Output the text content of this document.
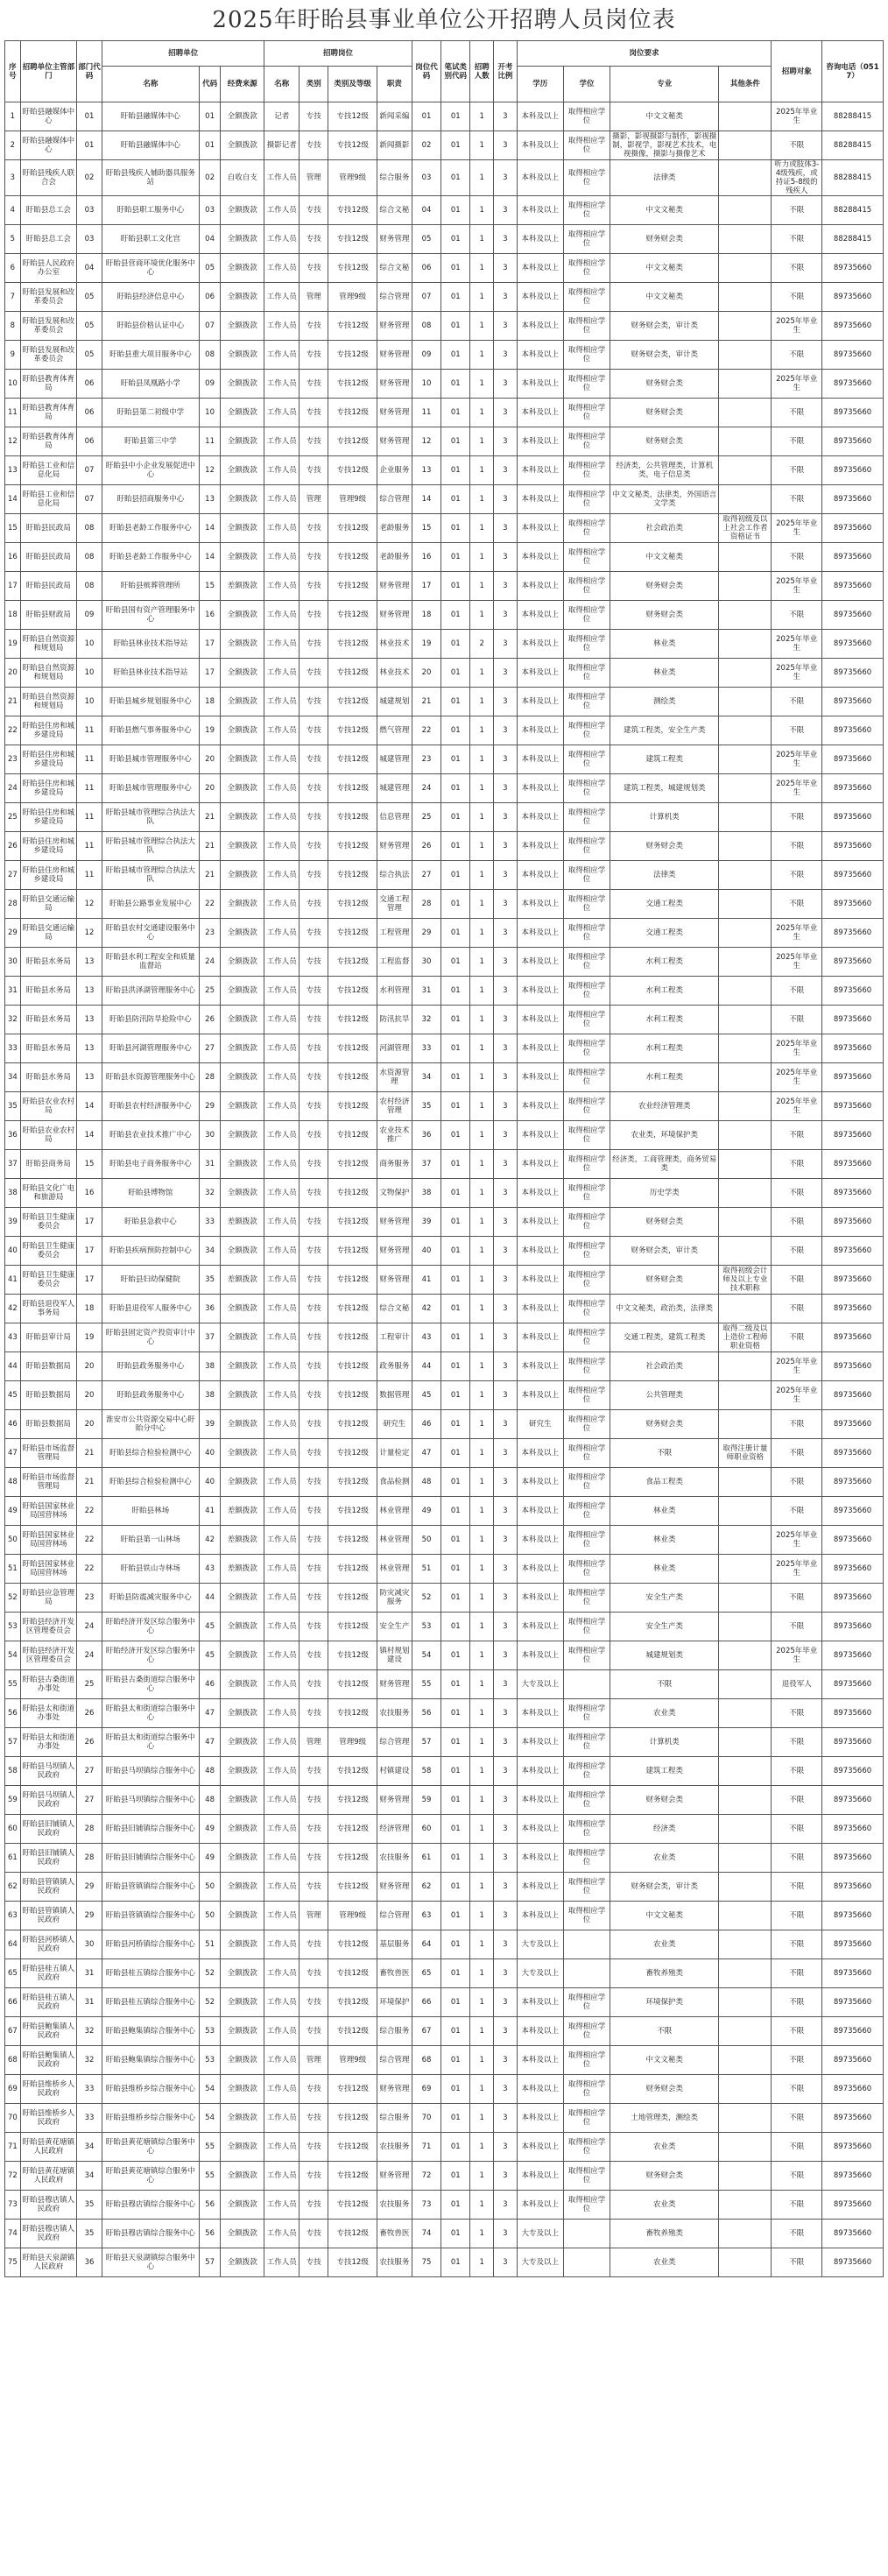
2025年盱眙县事业单位公开招聘人员岗位表
序号	招聘单位主管部门	部门代码	招聘单位			招聘岗位				岗位代码	笔试类别代码	招聘人数	开考比例	岗位要求				招聘对象	咨询电话（0517）
			名称	代码	经费来源	名称	类别	类别及等级	职责					学历	学位	专业	其他条件		
1	盱眙县融媒体中心	01	盱眙县融媒体中心	01	全额拨款	记者	专技	专技12级	新闻采编	01	01	1	3	本科及以上	取得相应学位	中文文秘类		2025年毕业生	88288415
2	盱眙县融媒体中心	01	盱眙县融媒体中心	01	全额拨款	摄影记者	专技	专技12级	新闻摄影	02	01	1	3	本科及以上	取得相应学位	摄影，影视摄影与制作，影视摄制，影视学，影视艺术技术，电视摄像，摄影与摄像艺术		不限	88288415
3	盱眙县残疾人联合会	02	盱眙县残疾人辅助器具服务站	02	自收自支	工作人员	管理	管理9级	综合服务	03	01	1	3	本科及以上	取得相应学位	法律类		听力或肢体3-4级残疾，或持证5-8级的残疾人	88288415
4	盱眙县总工会	03	盱眙县职工服务中心	03	全额拨款	工作人员	专技	专技12级	综合文秘	04	01	1	3	本科及以上	取得相应学位	中文文秘类		不限	88288415
5	盱眙县总工会	03	盱眙县职工文化宫	04	全额拨款	工作人员	专技	专技12级	财务管理	05	01	1	3	本科及以上	取得相应学位	财务财会类		不限	88288415
6	盱眙县人民政府办公室	04	盱眙县营商环境优化服务中心	05	全额拨款	工作人员	专技	专技12级	综合文秘	06	01	1	3	本科及以上	取得相应学位	中文文秘类		不限	89735660
7	盱眙县发展和改革委员会	05	盱眙县经济信息中心	06	全额拨款	工作人员	管理	管理9级	综合管理	07	01	1	3	本科及以上	取得相应学位	中文文秘类		不限	89735660
8	盱眙县发展和改革委员会	05	盱眙县价格认证中心	07	全额拨款	工作人员	专技	专技12级	财务管理	08	01	1	3	本科及以上	取得相应学位	财务财会类，审计类		2025年毕业生	89735660
9	盱眙县发展和改革委员会	05	盱眙县重大项目服务中心	08	全额拨款	工作人员	专技	专技12级	财务管理	09	01	1	3	本科及以上	取得相应学位	财务财会类，审计类		不限	89735660
10	盱眙县教育体育局	06	盱眙县凤凰路小学	09	全额拨款	工作人员	专技	专技12级	财务管理	10	01	1	3	本科及以上	取得相应学位	财务财会类		2025年毕业生	89735660
11	盱眙县教育体育局	06	盱眙县第二初级中学	10	全额拨款	工作人员	专技	专技12级	财务管理	11	01	1	3	本科及以上	取得相应学位	财务财会类		不限	89735660
12	盱眙县教育体育局	06	盱眙县第三中学	11	全额拨款	工作人员	专技	专技12级	财务管理	12	01	1	3	本科及以上	取得相应学位	财务财会类		不限	89735660
13	盱眙县工业和信息化局	07	盱眙县中小企业发展促进中心	12	全额拨款	工作人员	专技	专技12级	企业服务	13	01	1	3	本科及以上	取得相应学位	经济类，公共管理类，计算机类，电子信息类		不限	89735660
14	盱眙县工业和信息化局	07	盱眙县招商服务中心	13	全额拨款	工作人员	管理	管理9级	综合管理	14	01	1	3	本科及以上	取得相应学位	中文文秘类，法律类，外国语言文学类		不限	89735660
15	盱眙县民政局	08	盱眙县老龄工作服务中心	14	全额拨款	工作人员	专技	专技12级	老龄服务	15	01	1	3	本科及以上	取得相应学位	社会政治类	取得初级及以上社会工作者资格证书	2025年毕业生	89735660
16	盱眙县民政局	08	盱眙县老龄工作服务中心	14	全额拨款	工作人员	专技	专技12级	老龄服务	16	01	1	3	本科及以上	取得相应学位	中文文秘类		不限	89735660
17	盱眙县民政局	08	盱眙县殡葬管理所	15	差额拨款	工作人员	专技	专技12级	财务管理	17	01	1	3	本科及以上	取得相应学位	财务财会类		2025年毕业生	89735660
18	盱眙县财政局	09	盱眙县国有资产管理服务中心	16	全额拨款	工作人员	专技	专技12级	财务管理	18	01	1	3	本科及以上	取得相应学位	财务财会类		不限	89735660
19	盱眙县自然资源和规划局	10	盱眙县林业技术指导站	17	全额拨款	工作人员	专技	专技12级	林业技术	19	01	2	3	本科及以上	取得相应学位	林业类		2025年毕业生	89735660
20	盱眙县自然资源和规划局	10	盱眙县林业技术指导站	17	全额拨款	工作人员	专技	专技12级	林业技术	20	01	1	3	本科及以上	取得相应学位	林业类		2025年毕业生	89735660
21	盱眙县自然资源和规划局	10	盱眙县城乡规划服务中心	18	全额拨款	工作人员	专技	专技12级	城建规划	21	01	1	3	本科及以上	取得相应学位	测绘类		不限	89735660
22	盱眙县住房和城乡建设局	11	盱眙县燃气事务服务中心	19	全额拨款	工作人员	专技	专技12级	燃气管理	22	01	1	3	本科及以上	取得相应学位	建筑工程类，安全生产类		不限	89735660
23	盱眙县住房和城乡建设局	11	盱眙县城市管理服务中心	20	全额拨款	工作人员	专技	专技12级	城建管理	23	01	1	3	本科及以上	取得相应学位	建筑工程类		2025年毕业生	89735660
24	盱眙县住房和城乡建设局	11	盱眙县城市管理服务中心	20	全额拨款	工作人员	专技	专技12级	城建管理	24	01	1	3	本科及以上	取得相应学位	建筑工程类，城建规划类		2025年毕业生	89735660
25	盱眙县住房和城乡建设局	11	盱眙县城市管理综合执法大队	21	全额拨款	工作人员	专技	专技12级	信息管理	25	01	1	3	本科及以上	取得相应学位	计算机类		不限	89735660
26	盱眙县住房和城乡建设局	11	盱眙县城市管理综合执法大队	21	全额拨款	工作人员	专技	专技12级	财务管理	26	01	1	3	本科及以上	取得相应学位	财务财会类		不限	89735660
27	盱眙县住房和城乡建设局	11	盱眙县城市管理综合执法大队	21	全额拨款	工作人员	专技	专技12级	综合执法	27	01	1	3	本科及以上	取得相应学位	法律类		不限	89735660
28	盱眙县交通运输局	12	盱眙县公路事业发展中心	22	全额拨款	工作人员	专技	专技12级	交通工程管理	28	01	1	3	本科及以上	取得相应学位	交通工程类		不限	89735660
29	盱眙县交通运输局	12	盱眙县农村交通建设服务中心	23	全额拨款	工作人员	专技	专技12级	工程管理	29	01	1	3	本科及以上	取得相应学位	交通工程类		2025年毕业生	89735660
30	盱眙县水务局	13	盱眙县水利工程安全和质量监督站	24	全额拨款	工作人员	专技	专技12级	工程监督	30	01	1	3	本科及以上	取得相应学位	水利工程类		2025年毕业生	89735660
31	盱眙县水务局	13	盱眙县洪泽湖管理服务中心	25	全额拨款	工作人员	专技	专技12级	水利管理	31	01	1	3	本科及以上	取得相应学位	水利工程类		不限	89735660
32	盱眙县水务局	13	盱眙县防汛防旱抢险中心	26	全额拨款	工作人员	专技	专技12级	防汛抗旱	32	01	1	3	本科及以上	取得相应学位	水利工程类		不限	89735660
33	盱眙县水务局	13	盱眙县河湖管理服务中心	27	全额拨款	工作人员	专技	专技12级	河湖管理	33	01	1	3	本科及以上	取得相应学位	水利工程类		2025年毕业生	89735660
34	盱眙县水务局	13	盱眙县水资源管理服务中心	28	全额拨款	工作人员	专技	专技12级	水资源管理	34	01	1	3	本科及以上	取得相应学位	水利工程类		2025年毕业生	89735660
35	盱眙县农业农村局	14	盱眙县农村经济服务中心	29	全额拨款	工作人员	专技	专技12级	农村经济管理	35	01	1	3	本科及以上	取得相应学位	农业经济管理类		2025年毕业生	89735660
36	盱眙县农业农村局	14	盱眙县农业技术推广中心	30	全额拨款	工作人员	专技	专技12级	农业技术推广	36	01	1	3	本科及以上	取得相应学位	农业类，环境保护类		不限	89735660
37	盱眙县商务局	15	盱眙县电子商务服务中心	31	全额拨款	工作人员	专技	专技12级	商务服务	37	01	1	3	本科及以上	取得相应学位	经济类，工商管理类，商务贸易类		不限	89735660
38	盱眙县文化广电和旅游局	16	盱眙县博物馆	32	全额拨款	工作人员	专技	专技12级	文物保护	38	01	1	3	本科及以上	取得相应学位	历史学类		不限	89735660
39	盱眙县卫生健康委员会	17	盱眙县急救中心	33	差额拨款	工作人员	专技	专技12级	财务管理	39	01	1	3	本科及以上	取得相应学位	财务财会类		不限	89735660
40	盱眙县卫生健康委员会	17	盱眙县疾病预防控制中心	34	全额拨款	工作人员	专技	专技12级	财务管理	40	01	1	3	本科及以上	取得相应学位	财务财会类，审计类		不限	89735660
41	盱眙县卫生健康委员会	17	盱眙县妇幼保健院	35	差额拨款	工作人员	专技	专技12级	财务管理	41	01	1	3	本科及以上	取得相应学位	财务财会类	取得初级会计师及以上专业技术职称	不限	89735660
42	盱眙县退役军人事务局	18	盱眙县退役军人服务中心	36	全额拨款	工作人员	专技	专技12级	综合文秘	42	01	1	3	本科及以上	取得相应学位	中文文秘类，政治类，法律类		不限	89735660
43	盱眙县审计局	19	盱眙县固定资产投资审计中心	37	全额拨款	工作人员	专技	专技12级	工程审计	43	01	1	3	本科及以上	取得相应学位	交通工程类，建筑工程类	取得二级及以上造价工程师职业资格	不限	89735660
44	盱眙县数据局	20	盱眙县政务服务中心	38	全额拨款	工作人员	专技	专技12级	政务服务	44	01	1	3	本科及以上	取得相应学位	社会政治类		2025年毕业生	89735660
45	盱眙县数据局	20	盱眙县政务服务中心	38	全额拨款	工作人员	专技	专技12级	数据管理	45	01	1	3	本科及以上	取得相应学位	公共管理类		2025年毕业生	89735660
46	盱眙县数据局	20	淮安市公共资源交易中心盱眙分中心	39	全额拨款	工作人员	专技	专技12级	研究生	46	01	1	3	研究生	取得相应学位	财务财会类		不限	89735660
47	盱眙县市场监督管理局	21	盱眙县综合检验检测中心	40	全额拨款	工作人员	专技	专技12级	计量检定	47	01	1	3	本科及以上	取得相应学位	不限	取得注册计量师职业资格	不限	89735660
48	盱眙县市场监督管理局	21	盱眙县综合检验检测中心	40	全额拨款	工作人员	专技	专技12级	食品检测	48	01	1	3	本科及以上	取得相应学位	食品工程类		不限	89735660
49	盱眙县国家林业局国营林场	22	盱眙县林场	41	差额拨款	工作人员	专技	专技12级	林业管理	49	01	1	3	本科及以上	取得相应学位	林业类		不限	89735660
50	盱眙县国家林业局国营林场	22	盱眙县第一山林场	42	差额拨款	工作人员	专技	专技12级	林业管理	50	01	1	3	本科及以上	取得相应学位	林业类		2025年毕业生	89735660
51	盱眙县国家林业局国营林场	22	盱眙县铁山寺林场	43	差额拨款	工作人员	专技	专技12级	林业管理	51	01	1	3	本科及以上	取得相应学位	林业类		2025年毕业生	89735660
52	盱眙县应急管理局	23	盱眙县防震减灾服务中心	44	全额拨款	工作人员	专技	专技12级	防灾减灾服务	52	01	1	3	本科及以上	取得相应学位	安全生产类		不限	89735660
53	盱眙县经济开发区管理委员会	24	盱眙经济开发区综合服务中心	45	全额拨款	工作人员	专技	专技12级	安全生产	53	01	1	3	本科及以上	取得相应学位	安全生产类		不限	89735660
54	盱眙县经济开发区管理委员会	24	盱眙经济开发区综合服务中心	45	全额拨款	工作人员	专技	专技12级	镇村规划建设	54	01	1	3	本科及以上	取得相应学位	城建规划类		2025年毕业生	89735660
55	盱眙县古桑街道办事处	25	盱眙县古桑街道综合服务中心	46	全额拨款	工作人员	专技	专技12级	财务管理	55	01	1	3	大专及以上		不限		退役军人	89735660
56	盱眙县太和街道办事处	26	盱眙县太和街道综合服务中心	47	全额拨款	工作人员	专技	专技12级	农技服务	56	01	1	3	本科及以上	取得相应学位	农业类		不限	89735660
57	盱眙县太和街道办事处	26	盱眙县太和街道综合服务中心	47	全额拨款	工作人员	管理	管理9级	综合管理	57	01	1	3	本科及以上	取得相应学位	计算机类		不限	89735660
58	盱眙县马坝镇人民政府	27	盱眙县马坝镇综合服务中心	48	全额拨款	工作人员	专技	专技12级	村镇建设	58	01	1	3	本科及以上	取得相应学位	建筑工程类		不限	89735660
59	盱眙县马坝镇人民政府	27	盱眙县马坝镇综合服务中心	48	全额拨款	工作人员	专技	专技12级	财务管理	59	01	1	3	本科及以上	取得相应学位	财务财会类		不限	89735660
60	盱眙县旧铺镇人民政府	28	盱眙县旧铺镇综合服务中心	49	全额拨款	工作人员	专技	专技12级	经济管理	60	01	1	3	本科及以上	取得相应学位	经济类		不限	89735660
61	盱眙县旧铺镇人民政府	28	盱眙县旧铺镇综合服务中心	49	全额拨款	工作人员	专技	专技12级	农技服务	61	01	1	3	本科及以上	取得相应学位	农业类		不限	89735660
62	盱眙县管镇镇人民政府	29	盱眙县管镇镇综合服务中心	50	全额拨款	工作人员	专技	专技12级	财务管理	62	01	1	3	本科及以上	取得相应学位	财务财会类，审计类		不限	89735660
63	盱眙县管镇镇人民政府	29	盱眙县管镇镇综合服务中心	50	全额拨款	工作人员	管理	管理9级	综合管理	63	01	1	3	本科及以上	取得相应学位	中文文秘类		不限	89735660
64	盱眙县河桥镇人民政府	30	盱眙县河桥镇综合服务中心	51	全额拨款	工作人员	专技	专技12级	基层服务	64	01	1	3	大专及以上		农业类		不限	89735660
65	盱眙县桂五镇人民政府	31	盱眙县桂五镇综合服务中心	52	全额拨款	工作人员	专技	专技12级	畜牧兽医	65	01	1	3	大专及以上		畜牧养殖类		不限	89735660
66	盱眙县桂五镇人民政府	31	盱眙县桂五镇综合服务中心	52	全额拨款	工作人员	专技	专技12级	环境保护	66	01	1	3	本科及以上	取得相应学位	环境保护类		不限	89735660
67	盱眙县鲍集镇人民政府	32	盱眙县鲍集镇综合服务中心	53	全额拨款	工作人员	专技	专技12级	综合服务	67	01	1	3	本科及以上	取得相应学位	不限		不限	89735660
68	盱眙县鲍集镇人民政府	32	盱眙县鲍集镇综合服务中心	53	全额拨款	工作人员	管理	管理9级	综合管理	68	01	1	3	本科及以上	取得相应学位	中文文秘类		不限	89735660
69	盱眙县维桥乡人民政府	33	盱眙县维桥乡综合服务中心	54	全额拨款	工作人员	专技	专技12级	财务管理	69	01	1	3	本科及以上	取得相应学位	财务财会类		不限	89735660
70	盱眙县维桥乡人民政府	33	盱眙县维桥乡综合服务中心	54	全额拨款	工作人员	专技	专技12级	综合服务	70	01	1	3	本科及以上	取得相应学位	土地管理类，测绘类		不限	89735660
71	盱眙县黄花塘镇人民政府	34	盱眙县黄花塘镇综合服务中心	55	全额拨款	工作人员	专技	专技12级	农技服务	71	01	1	3	本科及以上	取得相应学位	农业类		不限	89735660
72	盱眙县黄花塘镇人民政府	34	盱眙县黄花塘镇综合服务中心	55	全额拨款	工作人员	专技	专技12级	财务管理	72	01	1	3	本科及以上	取得相应学位	财务财会类		不限	89735660
73	盱眙县穆店镇人民政府	35	盱眙县穆店镇综合服务中心	56	全额拨款	工作人员	专技	专技12级	农技服务	73	01	1	3	本科及以上	取得相应学位	农业类		不限	89735660
74	盱眙县穆店镇人民政府	35	盱眙县穆店镇综合服务中心	56	全额拨款	工作人员	专技	专技12级	畜牧兽医	74	01	1	3	大专及以上		畜牧养殖类		不限	89735660
75	盱眙县天泉湖镇人民政府	36	盱眙县天泉湖镇综合服务中心	57	全额拨款	工作人员	专技	专技12级	农技服务	75	01	1	3	大专及以上		农业类		不限	89735660
